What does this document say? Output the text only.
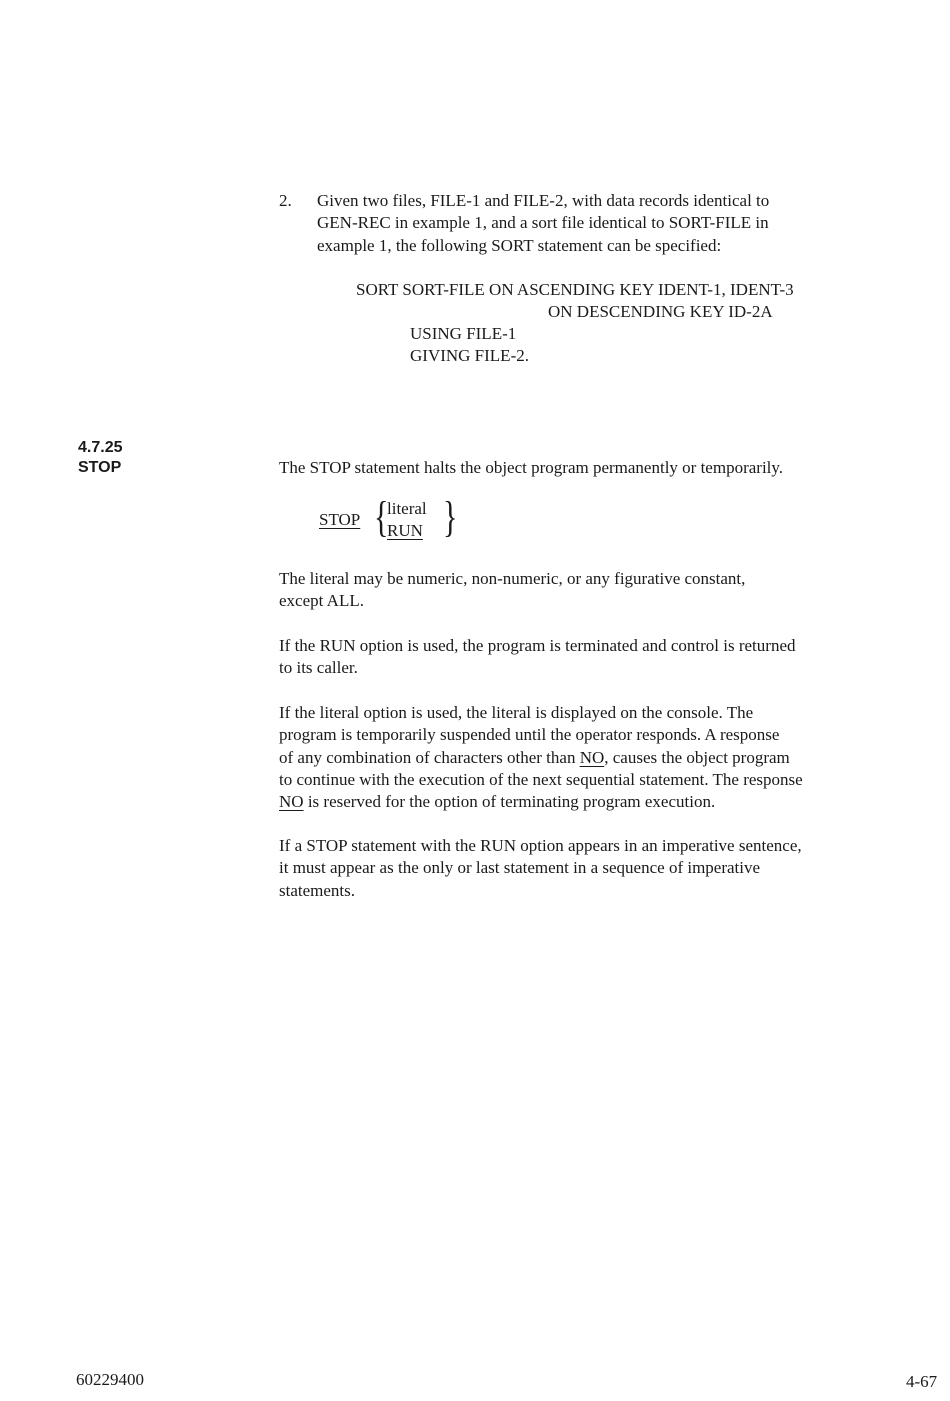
2. Given two files, FILE-1 and FILE-2, with data records identical to

GEN-REC in example 1, and a sort file identical to SORT-FILE in

example 1, the following SORT statement can be specified:

SORT SORT-FILE ON ASCENDING KEY IDENT-1, IDENT-3
ON DESCENDING KEY ID-2A
USING FILE-1
GIVING FILE-2.
4.7.25
STOP	The STOP statement halts the object program permanently or temporarily.
STOP {
literal
RUN }

The literal may be numeric, non-numeric, or any figurative constant,

except ALL.

If the RUN option is used, the program is terminated and control is returned

to its caller.

If the literal option is used, the literal is displayed on the console. The

program is temporarily suspended until the operator responds. A response

of any combination of characters other than NO, causes the object program

to continue with the execution of the next sequential statement. The response

NO is reserved for the option of terminating program execution.

If a STOP statement with the RUN option appears in an imperative sentence,

it must appear as the only or last statement in a sequence of imperative

statements.

60229400	4-67
